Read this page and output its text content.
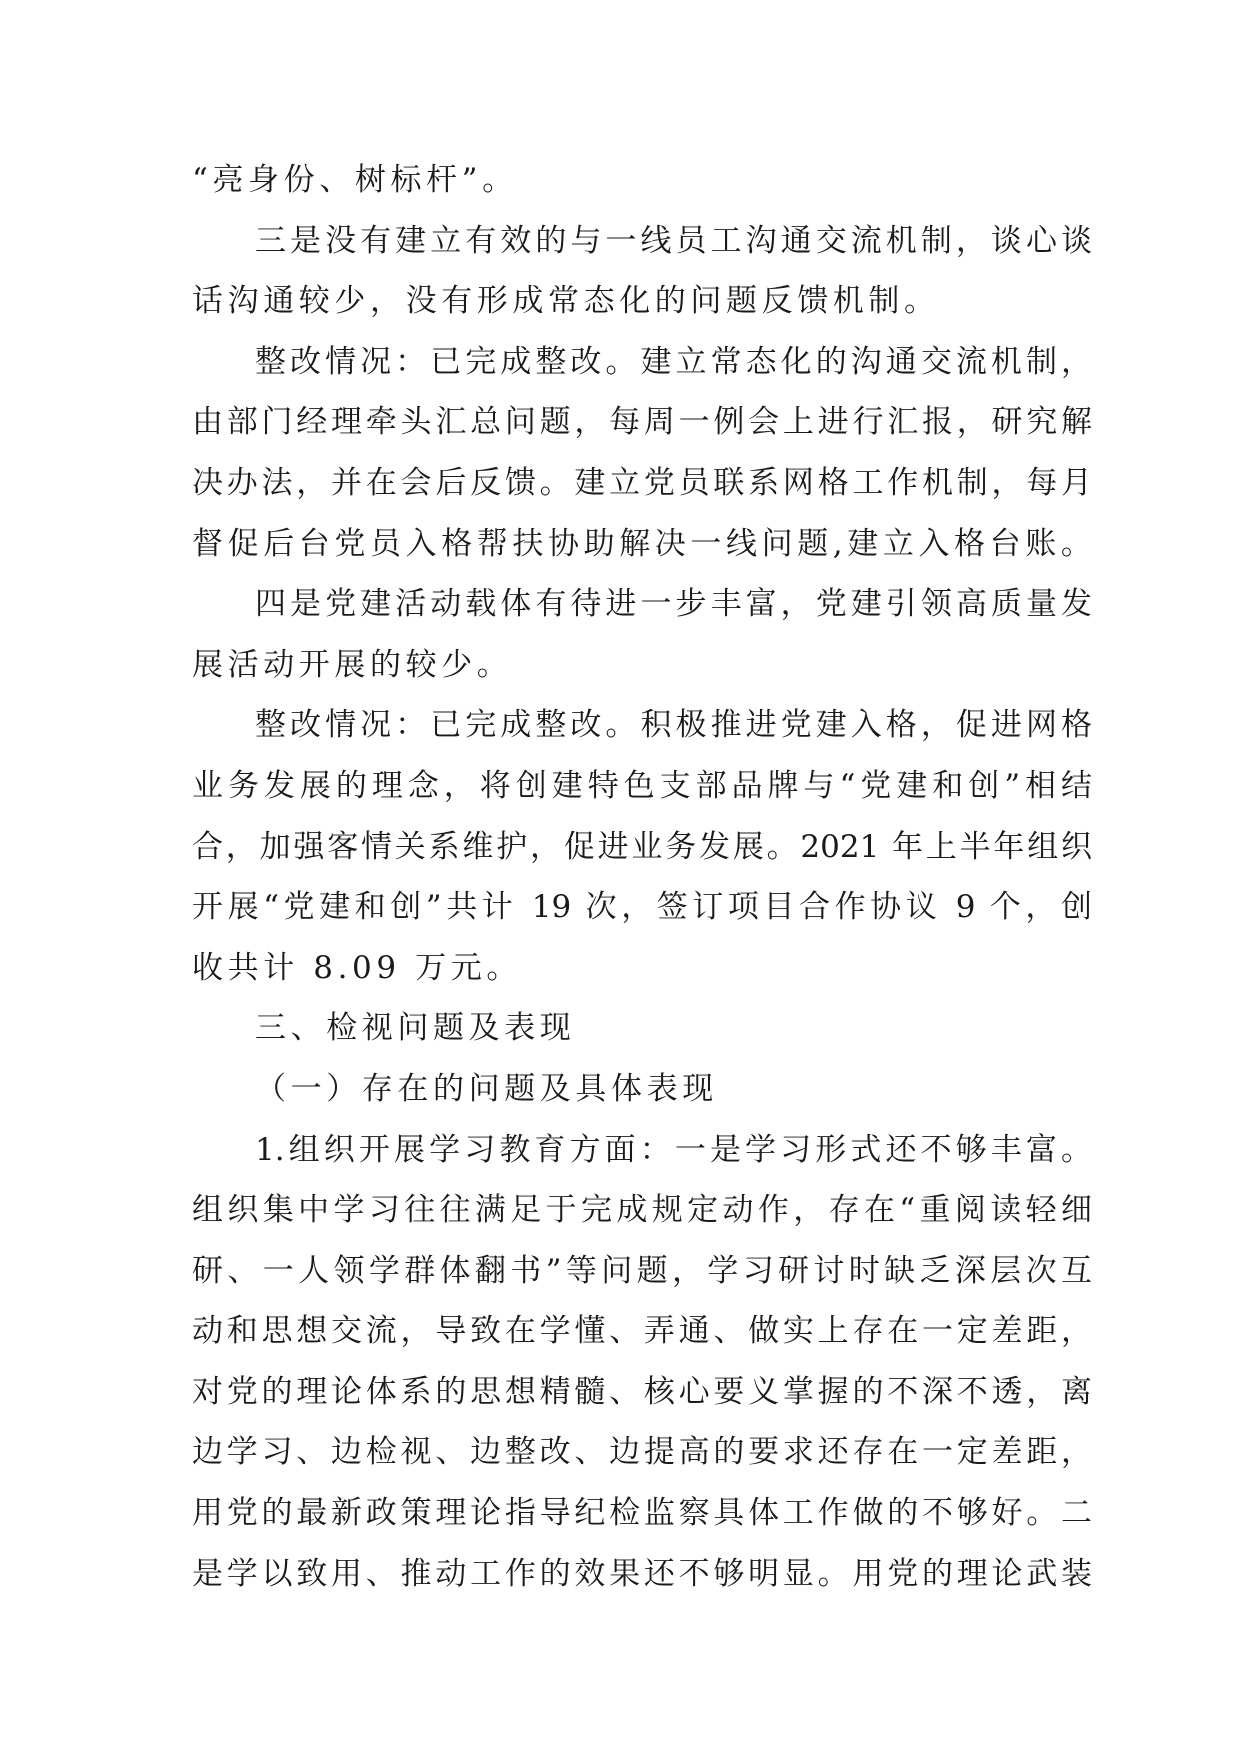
“亮身份、树标杆”。
三是没有建立有效的与一线员工沟通交流机制，谈心谈
话沟通较少，没有形成常态化的问题反馈机制。
整改情况：已完成整改。建立常态化的沟通交流机制，
由部门经理牵头汇总问题，每周一例会上进行汇报，研究解
决办法，并在会后反馈。建立党员联系网格工作机制，每月
督促后台党员入格帮扶协助解决一线问题,建立入格台账。
四是党建活动载体有待进一步丰富，党建引领高质量发
展活动开展的较少。
整改情况：已完成整改。积极推进党建入格，促进网格
业务发展的理念，将创建特色支部品牌与“党建和创”相结
合，加强客情关系维护，促进业务发展。2021 年上半年组织
开展“党建和创”共计 19 次，签订项目合作协议 9 个，创
收共计 8.09 万元。
三、检视问题及表现
（一）存在的问题及具体表现
1.组织开展学习教育方面：一是学习形式还不够丰富。
组织集中学习往往满足于完成规定动作，存在“重阅读轻细
研、一人领学群体翻书”等问题，学习研讨时缺乏深层次互
动和思想交流，导致在学懂、弄通、做实上存在一定差距，
对党的理论体系的思想精髓、核心要义掌握的不深不透，离
边学习、边检视、边整改、边提高的要求还存在一定差距，
用党的最新政策理论指导纪检监察具体工作做的不够好。二
是学以致用、推动工作的效果还不够明显。用党的理论武装
